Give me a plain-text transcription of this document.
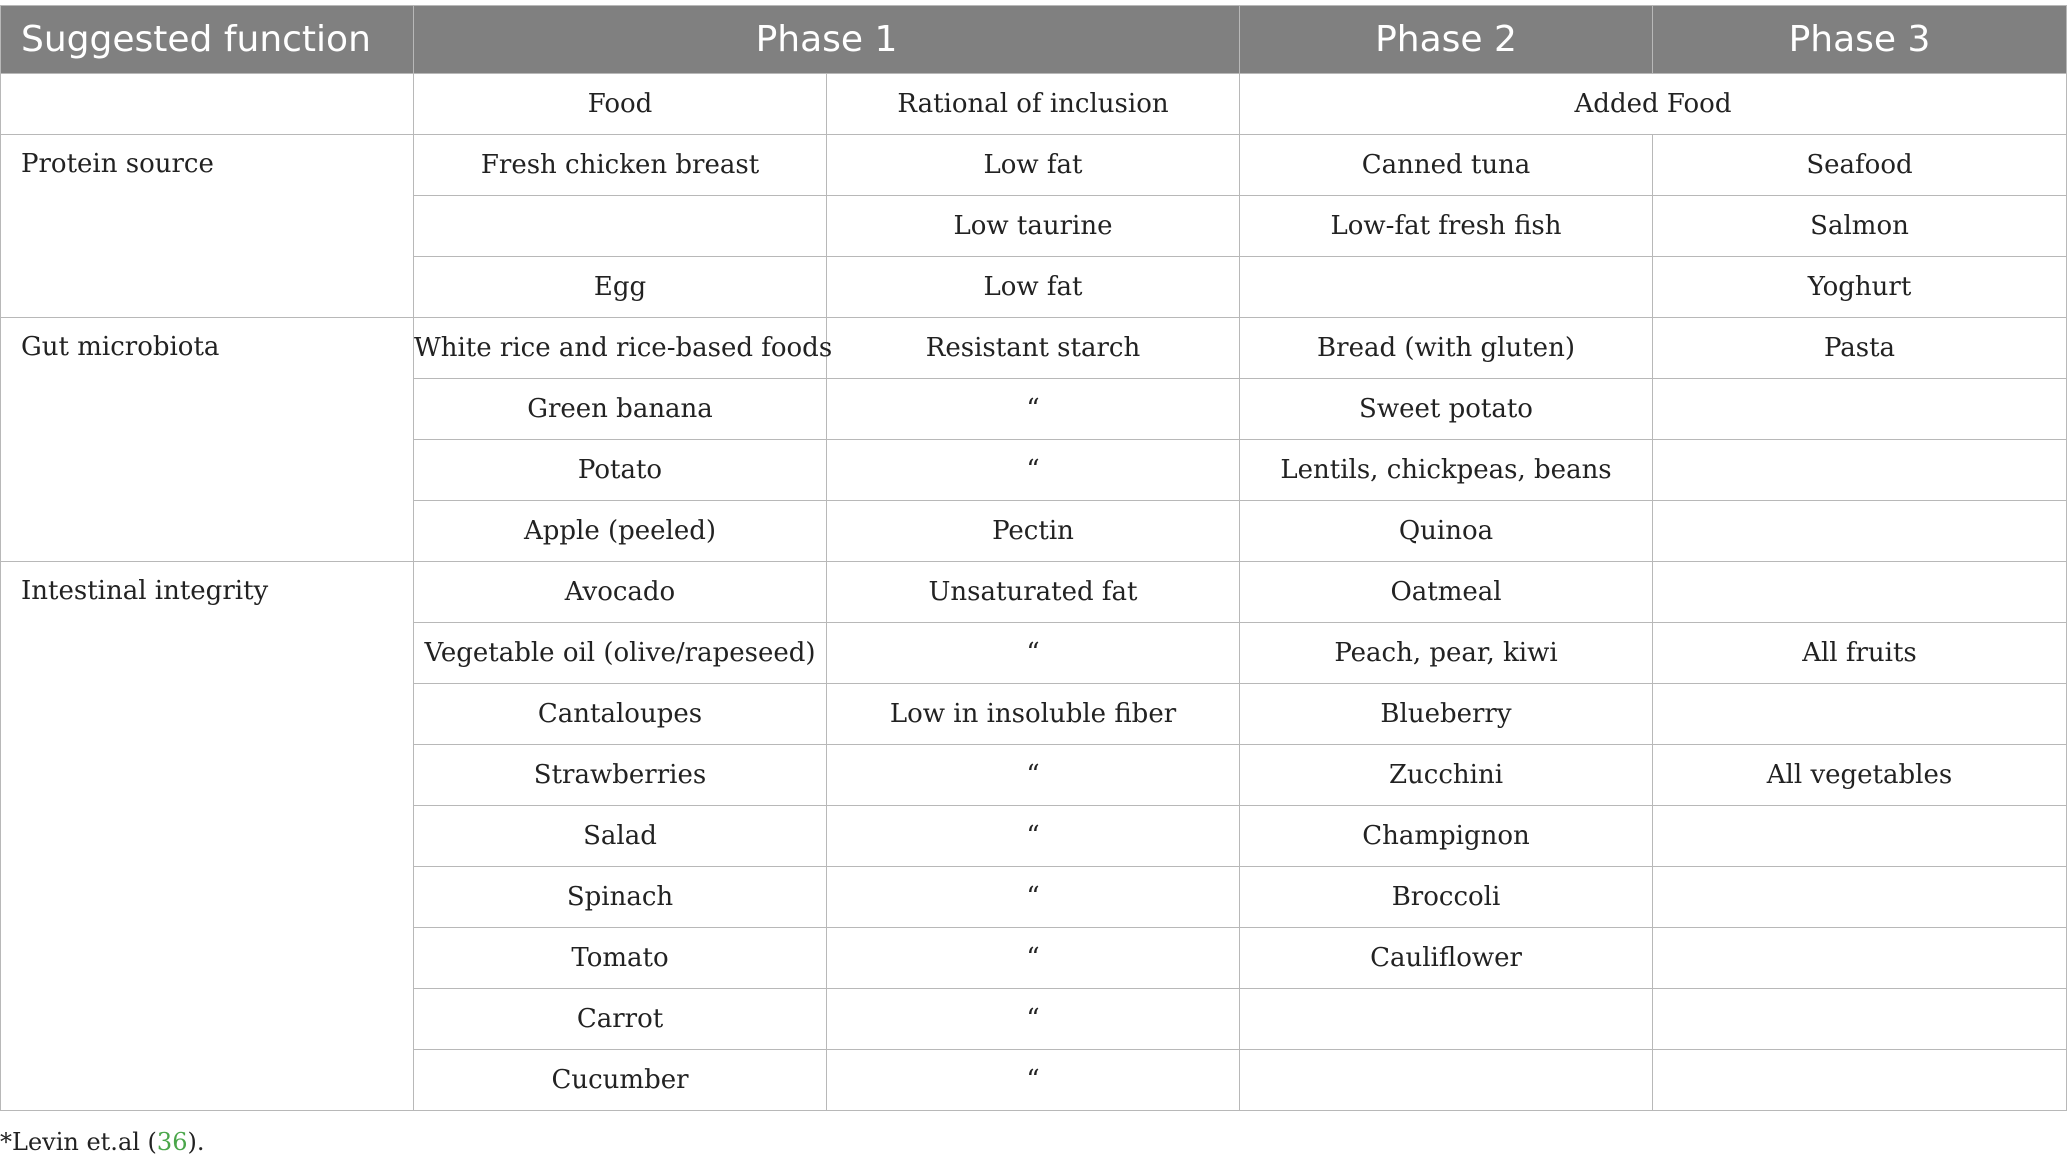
Suggested function	Phase 1		Phase 2	Phase 3
	Food	Rational of inclusion	Added Food	
Protein source	Fresh chicken breast	Low fat	Canned tuna	Seafood
		Low taurine	Low-fat fresh fish	Salmon
	Egg	Low fat		Yoghurt
Gut microbiota	White rice and rice-based foods	Resistant starch	Bread (with gluten)	Pasta
	Green banana	“	Sweet potato	
	Potato	“	Lentils, chickpeas, beans	
	Apple (peeled)	Pectin	Quinoa	
Intestinal integrity	Avocado	Unsaturated fat	Oatmeal	
	Vegetable oil (olive/rapeseed)	“	Peach, pear, kiwi	All fruits
	Cantaloupes	Low in insoluble fiber	Blueberry	
	Strawberries	“	Zucchini	All vegetables
	Salad	“	Champignon	
	Spinach	“	Broccoli	
	Tomato	“	Cauliflower	
	Carrot	“		
	Cucumber	“		
*Levin et.al (36).
